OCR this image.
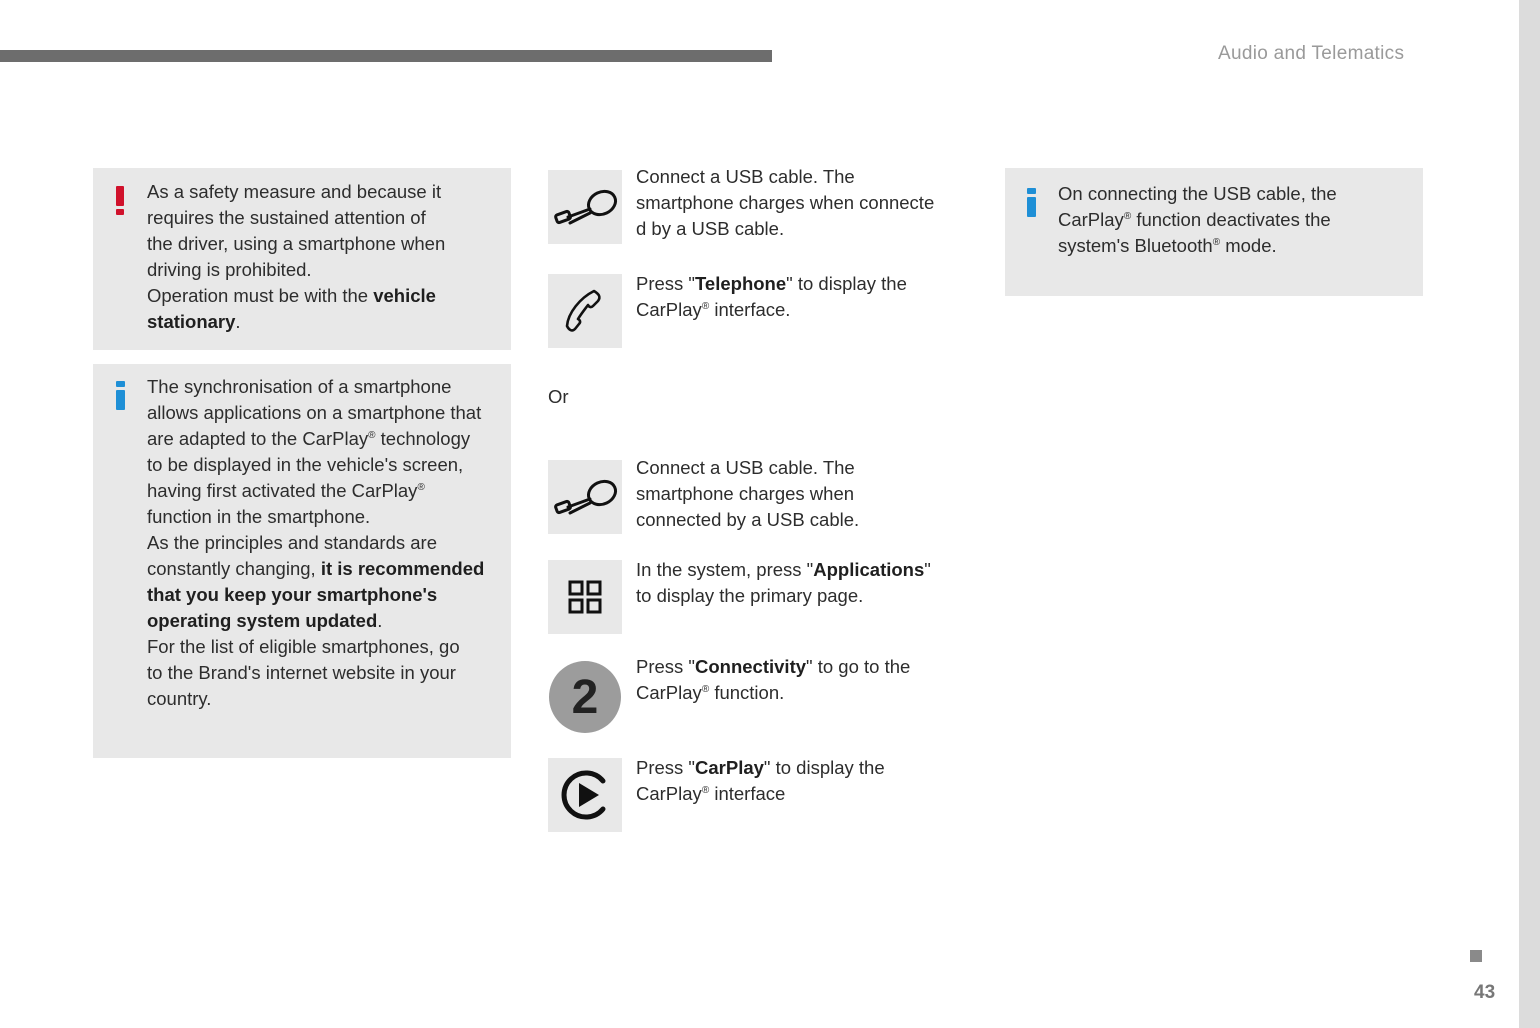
Audio and Telematics
43

As a safety measure and because it

requires the sustained attention of

the driver, using a smartphone when

driving is prohibited.

Operation must be with the vehicle

stationary.

The synchronisation of a smartphone

allows applications on a smartphone that

are adapted to the CarPlay® technology

to be displayed in the vehicle's screen,

having first activated the CarPlay®

function in the smartphone.

As the principles and standards are

constantly changing, it is recommended

that you keep your smartphone's

operating system updated.

For the list of eligible smartphones, go

to the Brand's internet website in your

country.

Connect a USB cable. The
smartphone charges when connecte
d by a USB cable.
Press "Telephone" to display the
CarPlay® interface.
Or
Connect a USB cable. The
smartphone charges when
connected by a USB cable.
In the system, press "Applications"
to display the primary page.
2
Press "Connectivity" to go to the
CarPlay® function.
Press "CarPlay" to display the
CarPlay® interface

On connecting the USB cable, the

CarPlay® function deactivates the

system's Bluetooth® mode.
